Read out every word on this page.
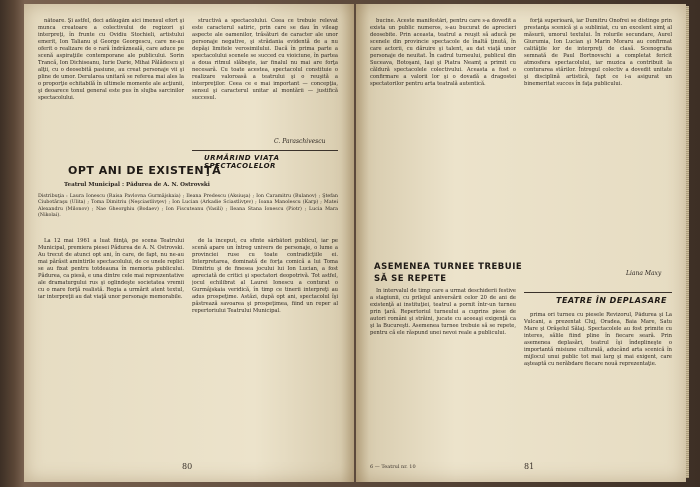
nătoare. Şi astfel, deci adăugăm aici imensul efort şi munca creatoare a colectivului de regizori şi interpreţi, în frunte cu Ovidiu Stochieli, artistului emerit, Ion Talianu şi George Georgescu, care ne-au oferit o realizare de o rară îndrăzneală, care aduce pe scenă aspiraţiile contemporane ale publicului. Sorin Trancă, Ion Dichiseanu, Iurie Darie, Mihai Pălădescu şi alţii, cu o deosebită pasiune, au creat personaje vii şi pline de umor. Derularea unitară se referea mai ales la o proporţie echitabilă în ultimele momente ale acţiunii, şi deoarece tonul general este pus în slujba sarcinilor spectacolului.

structivă a spectacolului. Ceea ce trebuie relevat este caracterul satiric, prin care se dau în vileag aspecte ale oamenilor, trăsături de caracter ale unor personaje negative, şi strădania evidentă de a nu depăşi limitele verosimilului. Dacă în prima parte a spectacolului scenele se succed cu vioiciune, în partea a doua ritmul slăbeşte, iar finalul nu mai are forţa necesară. Cu toate acestea, spectacolul constituie o realizare valoroasă a teatrului şi o reuşită a interpreţilor. Ceea ce e mai important — concepţia, sensul şi caracterul unitar al montării — justifică succesul.

C. Paraschivescu
URMĂRIND VIAŢA SPECTACOLELOR
OPT ANI DE EXISTENŢĂ
Teatrul Municipal : Pădurea de A. N. Ostrovski
Distribuţia : Laura Ionescu (Raisa Pavlovna Gurmâjskaia) ; Ileana Predescu (Aksiuşa) ; Ion Caramitru (Bulanov) ; Ştefan Ciubotăraşu (Ulita) ; Toma Dimitriu (Neşciastlivţev) ; Ion Lucian (Arkadie Sciastlivţev) ; Ioana Manolescu (Karp) ; Matei Alexandru (Milonov) ; Nae Gheorghiu (Bodaev) ; Ion Fiscuteanu (Vasili) ; Ileana Stana Ionescu (Piotr) ; Lucia Mara (Nikolai).

La 12 mai 1961 a luat fiinţă, pe scena Teatrului Municipal, premiera piesei Pădurea de A. N. Ostrovski. Au trecut de atunci opt ani, în care, de fapt, nu ne-au mai părăsit amintirile spectacolului, de ce unele replici se au fixat pentru totdeauna în memoria publicului. Pădurea, ca piesă, e una dintre cele mai reprezentative ale dramaturgului rus şi oglindeşte societatea vremii cu o mare forţă realistă. Regia a urmărit atent textul, iar interpreţii au dat viaţă unor personaje memorabile.

de la început, cu sfinte sărbători publicul, iar pe scenă apare un întreg univers de personaje, o lume a provinciei ruse cu toate contradicţiile ei. Interpretarea, dominată de forţa comică a lui Toma Dimitriu şi de finesea jocului lui Ion Lucian, a fost apreciată de critici şi spectatori deopotrivă. Tot astfel, jocul echilibrat al Laurei Ionescu a conturat o Gurmâjskaia veridică, în timp ce tinerii interpreţi au adus prospeţime. Astăzi, după opt ani, spectacolul îşi păstrează savoarea şi prospeţimea, fiind un reper al repertoriului Teatrului Municipal.

80

bucine. Aceste manifestări, pentru care s-a dovedit a exista un public numeros, s-au bucurat de aprecieri deosebite. Prin aceasta, teatrul a reuşit să aducă pe scenele din provincie spectacole de înaltă ţinută, în care actorii, cu dăruire şi talent, au dat viaţă unor personaje de neuitat. În cadrul turneului, publicul din Suceava, Botoşani, Iaşi şi Piatra Neamţ a primit cu căldură spectacolele colectivului. Aceasta a fost o confirmare a valorii lor şi o dovadă a dragostei spectatorilor pentru arta teatrală autentică.

forţă superioară, iar Dumitru Onofrei se distinge prin prestanţa scenică şi a subliniat, cu un excelent simţ al măsurii, umorul textului. În rolurile secundare, Aurel Giurumia, Ion Lucian şi Marin Moraru au confirmat calităţile lor de interpreţi de clasă. Scenografia semnată de Paul Bortnovschi a completat fericit atmosfera spectacolului, iar muzica a contribuit la conturarea stărilor. Întregul colectiv a dovedit unitate şi disciplină artistică, fapt ce i-a asigurat un binemeritat succes în faţa publicului.

Liana Maxy
ASEMENEA TURNEE TREBUIE
SĂ SE REPETE

În intervalul de timp care a urmat deschiderii festive a stagiunii, cu prilejul aniversării celor 20 de ani de existenţă ai instituţiei, teatrul a pornit într-un turneu prin ţară. Repertoriul turneului a cuprins piese de autori români şi străini, jucate cu aceeaşi exigenţă ca şi la Bucureşti. Asemenea turnee trebuie să se repete, pentru că ele răspund unei nevoi reale a publicului.

TEATRE ÎN DEPLASARE

prima ori turneu cu piesele Revizorul, Pădurea şi La Vulcani, a prezentat Cluj, Oradea, Baia Mare, Satu Mare şi Orăşelul Sălaj. Spectacolele au fost primite cu interes, sălile fiind pline în fiecare seară. Prin asemenea deplasări, teatrul îşi îndeplineşte o importantă misiune culturală, aducând arta scenică în mijlocul unui public tot mai larg şi mai exigent, care aşteaptă cu nerăbdare fiecare nouă reprezentaţie.

6 — Teatrul nr. 10	81
